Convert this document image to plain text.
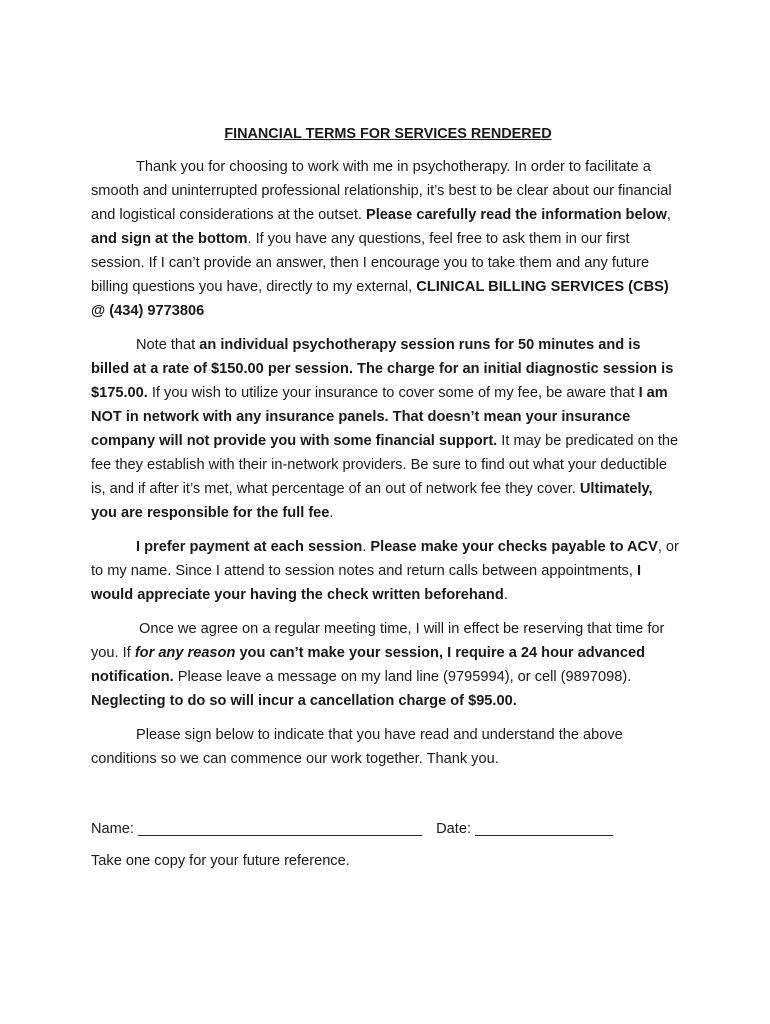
FINANCIAL TERMS FOR SERVICES RENDERED

Thank you for choosing to work with me in psychotherapy. In order to facilitate a smooth and uninterrupted professional relationship, it’s best to be clear about our financial and logistical considerations at the outset. Please carefully read the information below, and sign at the bottom. If you have any questions, feel free to ask them in our first session. If I can’t provide an answer, then I encourage you to take them and any future billing questions you have, directly to my external, CLINICAL BILLING SERVICES (CBS) @ (434) 9773806

Note that an individual psychotherapy session runs for 50 minutes and is billed at a rate of $150.00 per session. The charge for an initial diagnostic session is $175.00. If you wish to utilize your insurance to cover some of my fee, be aware that I am NOT in network with any insurance panels. That doesn’t mean your insurance company will not provide you with some financial support. It may be predicated on the fee they establish with their in-network providers. Be sure to find out what your deductible is, and if after it’s met, what percentage of an out of network fee they cover. Ultimately, you are responsible for the full fee.

I prefer payment at each session. Please make your checks payable to ACV, or to my name. Since I attend to session notes and return calls between appointments, I would appreciate your having the check written beforehand.

Once we agree on a regular meeting time, I will in effect be reserving that time for you. If for any reason you can’t make your session, I require a 24 hour advanced notification. Please leave a message on my land line (9795994), or cell (9897098). Neglecting to do so will incur a cancellation charge of $95.00.

Please sign below to indicate that you have read and understand the above conditions so we can commence our work together. Thank you.

Name: ___________________________________ Date: _________________
Take one copy for your future reference.
